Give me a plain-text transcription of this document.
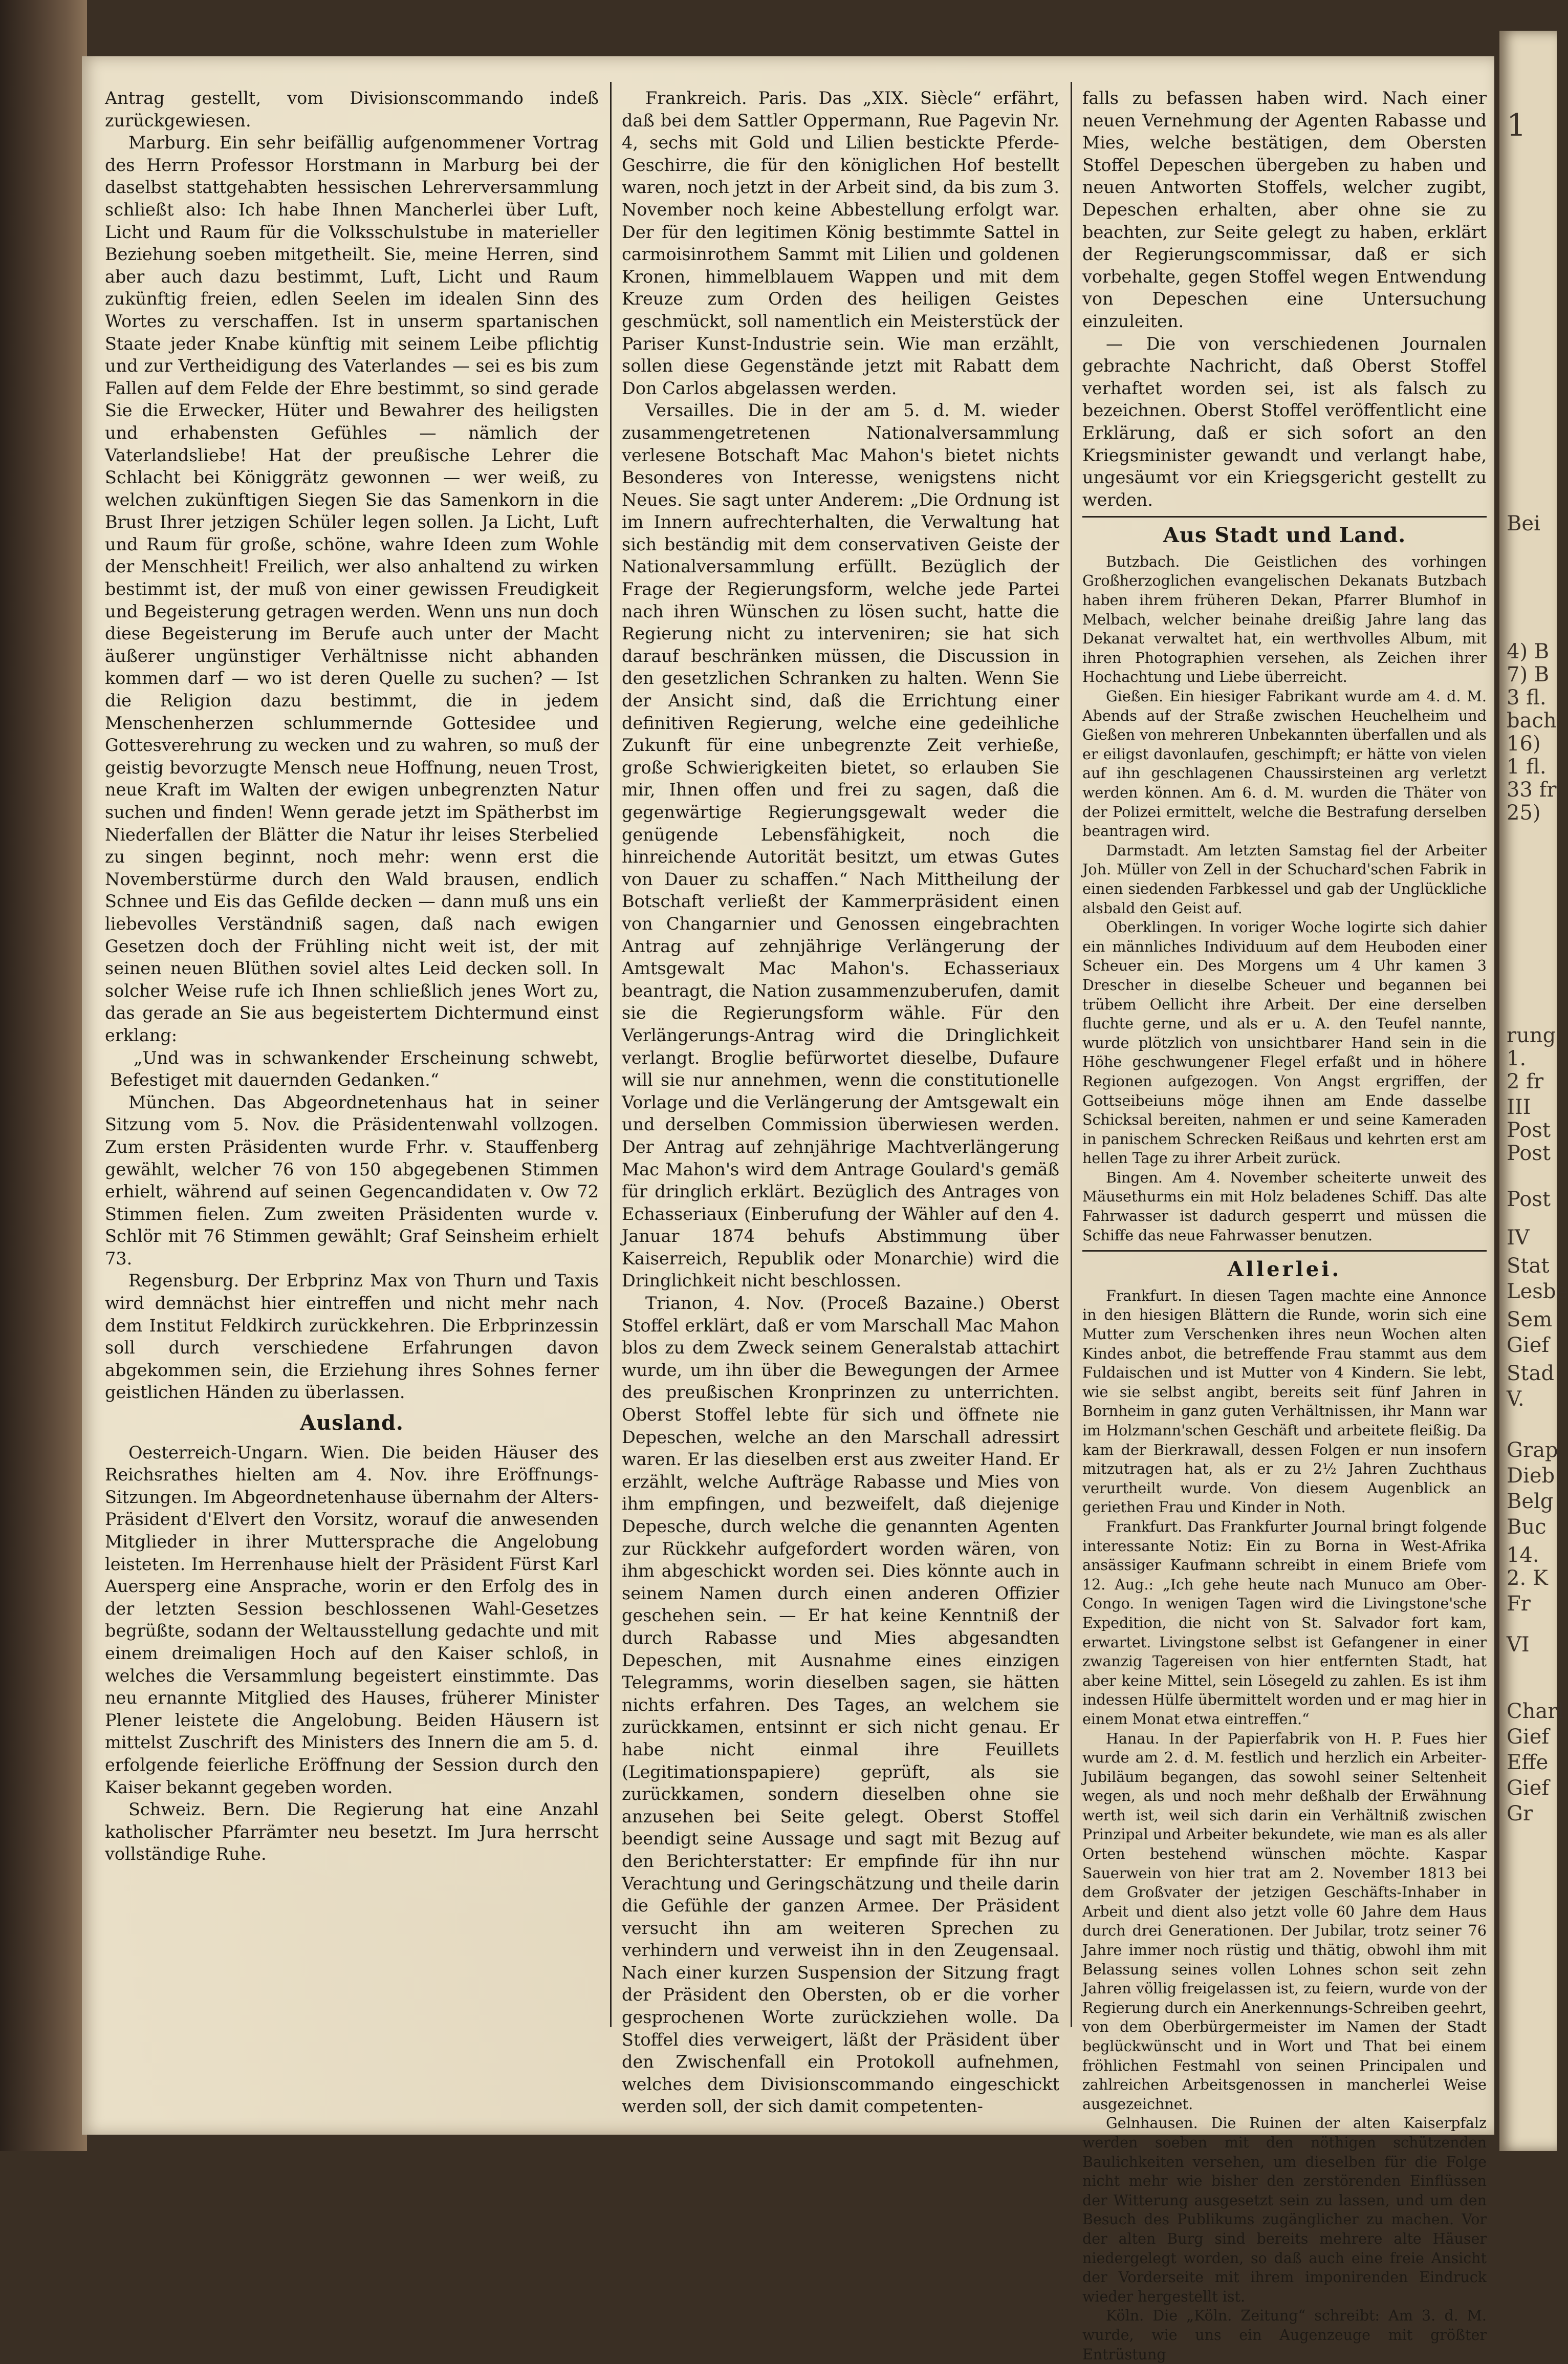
1
Bei
4) B
7) B
3 fl.
bach
16)
1 fl.
33 fr
25)
rung
1.
2 fr
III
Post
Post
Post
IV
Stat
Lesbe
Sem
Gief
Stad
V.
Grap
Dieb
Belg
Buc
14.
2. K
Fr
VI
Charl
Gief
Effe
Gief
Gr

Antrag gestellt, vom Divisionscommando indeß zurückgewiesen.

Marburg. Ein sehr beifällig aufgenommener Vortrag des Herrn Professor Horstmann in Marburg bei der daselbst stattgehabten hessischen Lehrerversammlung schließt also: Ich habe Ihnen Mancherlei über Luft, Licht und Raum für die Volksschulstube in materieller Beziehung soeben mitgetheilt. Sie, meine Herren, sind aber auch dazu bestimmt, Luft, Licht und Raum zukünftig freien, edlen Seelen im idealen Sinn des Wortes zu verschaffen. Ist in unserm spartanischen Staate jeder Knabe künftig mit seinem Leibe pflichtig und zur Vertheidigung des Vaterlandes — sei es bis zum Fallen auf dem Felde der Ehre bestimmt, so sind gerade Sie die Erwecker, Hüter und Bewahrer des heiligsten und erhabensten Gefühles — nämlich der Vaterlandsliebe! Hat der preußische Lehrer die Schlacht bei Königgrätz gewonnen — wer weiß, zu welchen zukünftigen Siegen Sie das Samenkorn in die Brust Ihrer jetzigen Schüler legen sollen. Ja Licht, Luft und Raum für große, schöne, wahre Ideen zum Wohle der Menschheit! Freilich, wer also anhaltend zu wirken bestimmt ist, der muß von einer gewissen Freudigkeit und Begeisterung getragen werden. Wenn uns nun doch diese Begeisterung im Berufe auch unter der Macht äußerer ungünstiger Verhältnisse nicht abhanden kommen darf — wo ist deren Quelle zu suchen? — Ist die Religion dazu bestimmt, die in jedem Menschenherzen schlummernde Gottesidee und Gottesverehrung zu wecken und zu wahren, so muß der geistig bevorzugte Mensch neue Hoffnung, neuen Trost, neue Kraft im Walten der ewigen unbegrenzten Natur suchen und finden! Wenn gerade jetzt im Spätherbst im Niederfallen der Blätter die Natur ihr leises Sterbelied zu singen beginnt, noch mehr: wenn erst die Novemberstürme durch den Wald brausen, endlich Schnee und Eis das Gefilde decken — dann muß uns ein liebevolles Verständniß sagen, daß nach ewigen Gesetzen doch der Frühling nicht weit ist, der mit seinen neuen Blüthen soviel altes Leid decken soll. In solcher Weise rufe ich Ihnen schließlich jenes Wort zu, das gerade an Sie aus begeistertem Dichtermund einst erklang:

„Und was in schwankender Erscheinung schwebt, Befestiget mit dauernden Gedanken.“

München. Das Abgeordnetenhaus hat in seiner Sitzung vom 5. Nov. die Präsidentenwahl vollzogen. Zum ersten Präsidenten wurde Frhr. v. Stauffenberg gewählt, welcher 76 von 150 abgegebenen Stimmen erhielt, während auf seinen Gegencandidaten v. Ow 72 Stimmen fielen. Zum zweiten Präsidenten wurde v. Schlör mit 76 Stimmen gewählt; Graf Seinsheim erhielt 73.

Regensburg. Der Erbprinz Max von Thurn und Taxis wird demnächst hier eintreffen und nicht mehr nach dem Institut Feldkirch zurückkehren. Die Erbprinzessin soll durch verschiedene Erfahrungen davon abgekommen sein, die Erziehung ihres Sohnes ferner geistlichen Händen zu überlassen.

Ausland.

Oesterreich-Ungarn. Wien. Die beiden Häuser des Reichsrathes hielten am 4. Nov. ihre Eröffnungs-Sitzungen. Im Abgeordnetenhause übernahm der Alters-Präsident d'Elvert den Vorsitz, worauf die anwesenden Mitglieder in ihrer Muttersprache die Angelobung leisteten. Im Herrenhause hielt der Präsident Fürst Karl Auersperg eine Ansprache, worin er den Erfolg des in der letzten Session beschlossenen Wahl-Gesetzes begrüßte, sodann der Weltausstellung gedachte und mit einem dreimaligen Hoch auf den Kaiser schloß, in welches die Versammlung begeistert einstimmte. Das neu ernannte Mitglied des Hauses, früherer Minister Plener leistete die Angelobung. Beiden Häusern ist mittelst Zuschrift des Ministers des Innern die am 5. d. erfolgende feierliche Eröffnung der Session durch den Kaiser bekannt gegeben worden.

Schweiz. Bern. Die Regierung hat eine Anzahl katholischer Pfarrämter neu besetzt. Im Jura herrscht vollständige Ruhe.

Frankreich. Paris. Das „XIX. Siècle“ erfährt, daß bei dem Sattler Oppermann, Rue Pagevin Nr. 4, sechs mit Gold und Lilien bestickte Pferde-Geschirre, die für den königlichen Hof bestellt waren, noch jetzt in der Arbeit sind, da bis zum 3. November noch keine Abbestellung erfolgt war. Der für den legitimen König bestimmte Sattel in carmoisinrothem Sammt mit Lilien und goldenen Kronen, himmelblauem Wappen und mit dem Kreuze zum Orden des heiligen Geistes geschmückt, soll namentlich ein Meisterstück der Pariser Kunst-Industrie sein. Wie man erzählt, sollen diese Gegenstände jetzt mit Rabatt dem Don Carlos abgelassen werden.

Versailles. Die in der am 5. d. M. wieder zusammengetretenen Nationalversammlung verlesene Botschaft Mac Mahon's bietet nichts Besonderes von Interesse, wenigstens nicht Neues. Sie sagt unter Anderem: „Die Ordnung ist im Innern aufrechterhalten, die Verwaltung hat sich beständig mit dem conservativen Geiste der Nationalversammlung erfüllt. Bezüglich der Frage der Regierungsform, welche jede Partei nach ihren Wünschen zu lösen sucht, hatte die Regierung nicht zu interveniren; sie hat sich darauf beschränken müssen, die Discussion in den gesetzlichen Schranken zu halten. Wenn Sie der Ansicht sind, daß die Errichtung einer definitiven Regierung, welche eine gedeihliche Zukunft für eine unbegrenzte Zeit verhieße, große Schwierigkeiten bietet, so erlauben Sie mir, Ihnen offen und frei zu sagen, daß die gegenwärtige Regierungsgewalt weder die genügende Lebensfähigkeit, noch die hinreichende Autorität besitzt, um etwas Gutes von Dauer zu schaffen.“ Nach Mittheilung der Botschaft verließt der Kammerpräsident einen von Changarnier und Genossen eingebrachten Antrag auf zehnjährige Verlängerung der Amtsgewalt Mac Mahon's. Echasseriaux beantragt, die Nation zusammenzuberufen, damit sie die Regierungsform wähle. Für den Verlängerungs-Antrag wird die Dringlichkeit verlangt. Broglie befürwortet dieselbe, Dufaure will sie nur annehmen, wenn die constitutionelle Vorlage und die Verlängerung der Amtsgewalt ein und derselben Commission überwiesen werden. Der Antrag auf zehnjährige Machtverlängerung Mac Mahon's wird dem Antrage Goulard's gemäß für dringlich erklärt. Bezüglich des Antrages von Echasseriaux (Einberufung der Wähler auf den 4. Januar 1874 behufs Abstimmung über Kaiserreich, Republik oder Monarchie) wird die Dringlichkeit nicht beschlossen.

Trianon, 4. Nov. (Proceß Bazaine.) Oberst Stoffel erklärt, daß er vom Marschall Mac Mahon blos zu dem Zweck seinem Generalstab attachirt wurde, um ihn über die Bewegungen der Armee des preußischen Kronprinzen zu unterrichten. Oberst Stoffel lebte für sich und öffnete nie Depeschen, welche an den Marschall adressirt waren. Er las dieselben erst aus zweiter Hand. Er erzählt, welche Aufträge Rabasse und Mies von ihm empfingen, und bezweifelt, daß diejenige Depesche, durch welche die genannten Agenten zur Rückkehr aufgefordert worden wären, von ihm abgeschickt worden sei. Dies könnte auch in seinem Namen durch einen anderen Offizier geschehen sein. — Er hat keine Kenntniß der durch Rabasse und Mies abgesandten Depeschen, mit Ausnahme eines einzigen Telegramms, worin dieselben sagen, sie hätten nichts erfahren. Des Tages, an welchem sie zurückkamen, entsinnt er sich nicht genau. Er habe nicht einmal ihre Feuillets (Legitimationspapiere) geprüft, als sie zurückkamen, sondern dieselben ohne sie anzusehen bei Seite gelegt. Oberst Stoffel beendigt seine Aussage und sagt mit Bezug auf den Berichterstatter: Er empfinde für ihn nur Verachtung und Geringschätzung und theile darin die Gefühle der ganzen Armee. Der Präsident versucht ihn am weiteren Sprechen zu verhindern und verweist ihn in den Zeugensaal. Nach einer kurzen Suspension der Sitzung fragt der Präsident den Obersten, ob er die vorher gesprochenen Worte zurückziehen wolle. Da Stoffel dies verweigert, läßt der Präsident über den Zwischenfall ein Protokoll aufnehmen, welches dem Divisionscommando eingeschickt werden soll, der sich damit competenten-

falls zu befassen haben wird. Nach einer neuen Vernehmung der Agenten Rabasse und Mies, welche bestätigen, dem Obersten Stoffel Depeschen übergeben zu haben und neuen Antworten Stoffels, welcher zugibt, Depeschen erhalten, aber ohne sie zu beachten, zur Seite gelegt zu haben, erklärt der Regierungscommissar, daß er sich vorbehalte, gegen Stoffel wegen Entwendung von Depeschen eine Untersuchung einzuleiten.

— Die von verschiedenen Journalen gebrachte Nachricht, daß Oberst Stoffel verhaftet worden sei, ist als falsch zu bezeichnen. Oberst Stoffel veröffentlicht eine Erklärung, daß er sich sofort an den Kriegsminister gewandt und verlangt habe, ungesäumt vor ein Kriegsgericht gestellt zu werden.

Aus Stadt und Land.

Butzbach. Die Geistlichen des vorhingen Großherzoglichen evangelischen Dekanats Butzbach haben ihrem früheren Dekan, Pfarrer Blumhof in Melbach, welcher beinahe dreißig Jahre lang das Dekanat verwaltet hat, ein werthvolles Album, mit ihren Photographien versehen, als Zeichen ihrer Hochachtung und Liebe überreicht.

Gießen. Ein hiesiger Fabrikant wurde am 4. d. M. Abends auf der Straße zwischen Heuchelheim und Gießen von mehreren Unbekannten überfallen und als er eiligst davonlaufen, geschimpft; er hätte von vielen auf ihn geschlagenen Chaussirsteinen arg verletzt werden können. Am 6. d. M. wurden die Thäter von der Polizei ermittelt, welche die Bestrafung derselben beantragen wird.

Darmstadt. Am letzten Samstag fiel der Arbeiter Joh. Müller von Zell in der Schuchard'schen Fabrik in einen siedenden Farbkessel und gab der Unglückliche alsbald den Geist auf.

Oberklingen. In voriger Woche logirte sich dahier ein männliches Individuum auf dem Heuboden einer Scheuer ein. Des Morgens um 4 Uhr kamen 3 Drescher in dieselbe Scheuer und begannen bei trübem Oellicht ihre Arbeit. Der eine derselben fluchte gerne, und als er u. A. den Teufel nannte, wurde plötzlich von unsichtbarer Hand sein in die Höhe geschwungener Flegel erfaßt und in höhere Regionen aufgezogen. Von Angst ergriffen, der Gottseibeiuns möge ihnen am Ende dasselbe Schicksal bereiten, nahmen er und seine Kameraden in panischem Schrecken Reißaus und kehrten erst am hellen Tage zu ihrer Arbeit zurück.

Bingen. Am 4. November scheiterte unweit des Mäusethurms ein mit Holz beladenes Schiff. Das alte Fahrwasser ist dadurch gesperrt und müssen die Schiffe das neue Fahrwasser benutzen.

Allerlei.

Frankfurt. In diesen Tagen machte eine Annonce in den hiesigen Blättern die Runde, worin sich eine Mutter zum Verschenken ihres neun Wochen alten Kindes anbot, die betreffende Frau stammt aus dem Fuldaischen und ist Mutter von 4 Kindern. Sie lebt, wie sie selbst angibt, bereits seit fünf Jahren in Bornheim in ganz guten Verhältnissen, ihr Mann war im Holzmann'schen Geschäft und arbeitete fleißig. Da kam der Bierkrawall, dessen Folgen er nun insofern mitzutragen hat, als er zu 2½ Jahren Zuchthaus verurtheilt wurde. Von diesem Augenblick an geriethen Frau und Kinder in Noth.

Frankfurt. Das Frankfurter Journal bringt folgende interessante Notiz: Ein zu Borna in West-Afrika ansässiger Kaufmann schreibt in einem Briefe vom 12. Aug.: „Ich gehe heute nach Munuco am Ober-Congo. In wenigen Tagen wird die Livingstone'sche Expedition, die nicht von St. Salvador fort kam, erwartet. Livingstone selbst ist Gefangener in einer zwanzig Tagereisen von hier entfernten Stadt, hat aber keine Mittel, sein Lösegeld zu zahlen. Es ist ihm indessen Hülfe übermittelt worden und er mag hier in einem Monat etwa eintreffen.“

Hanau. In der Papierfabrik von H. P. Fues hier wurde am 2. d. M. festlich und herzlich ein Arbeiter-Jubiläum begangen, das sowohl seiner Seltenheit wegen, als und noch mehr deßhalb der Erwähnung werth ist, weil sich darin ein Verhältniß zwischen Prinzipal und Arbeiter bekundete, wie man es als aller Orten bestehend wünschen möchte. Kaspar Sauerwein von hier trat am 2. November 1813 bei dem Großvater der jetzigen Geschäfts-Inhaber in Arbeit und dient also jetzt volle 60 Jahre dem Haus durch drei Generationen. Der Jubilar, trotz seiner 76 Jahre immer noch rüstig und thätig, obwohl ihm mit Belassung seines vollen Lohnes schon seit zehn Jahren völlig freigelassen ist, zu feiern, wurde von der Regierung durch ein Anerkennungs-Schreiben geehrt, von dem Oberbürgermeister im Namen der Stadt beglückwünscht und in Wort und That bei einem fröhlichen Festmahl von seinen Principalen und zahlreichen Arbeitsgenossen in mancherlei Weise ausgezeichnet.

Gelnhausen. Die Ruinen der alten Kaiserpfalz werden soeben mit den nöthigen schützenden Baulichkeiten versehen, um dieselben für die Folge nicht mehr wie bisher den zerstörenden Einflüssen der Witterung ausgesetzt sein zu lassen, und um den Besuch des Publikums zugänglicher zu machen. Vor der alten Burg sind bereits mehrere alte Häuser niedergelegt worden, so daß auch eine freie Ansicht der Vorderseite mit ihrem imponirenden Eindruck wieder hergestellt ist.

Köln. Die „Köln. Zeitung“ schreibt: Am 3. d. M. wurde, wie uns ein Augenzeuge mit größter Entrüstung
